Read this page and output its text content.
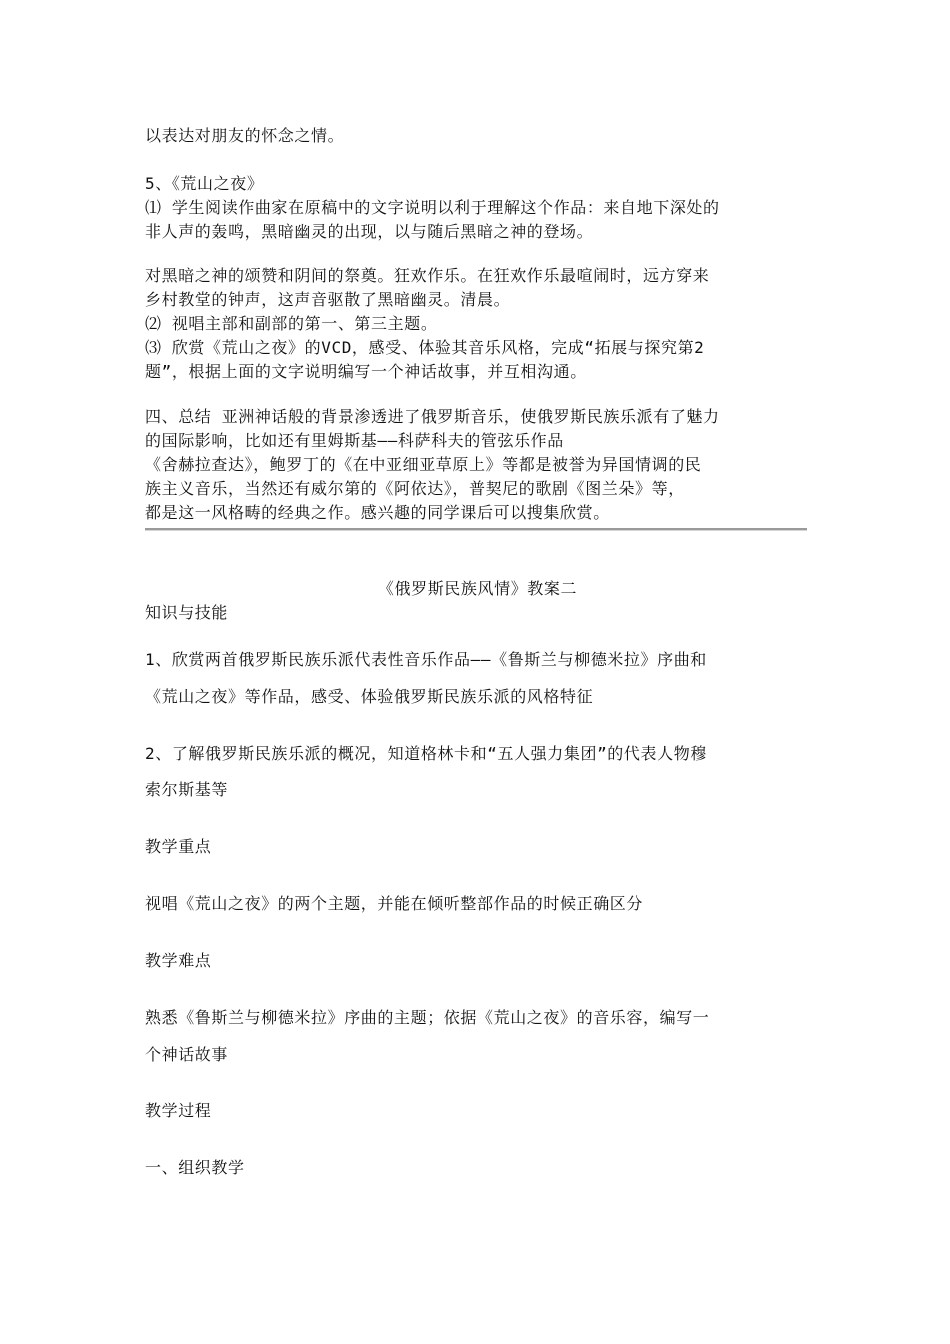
以表达对朋友的怀念之情。
5、《荒山之夜》
⑴ 学生阅读作曲家在原稿中的文字说明以利于理解这个作品：来自地下深处的
非人声的轰鸣，黑暗幽灵的出现，以与随后黑暗之神的登场。
对黑暗之神的颂赞和阴间的祭奠。狂欢作乐。在狂欢作乐最喧闹时，远方穿来
乡村教堂的钟声，这声音驱散了黑暗幽灵。清晨。
⑵ 视唱主部和副部的第一、第三主题。
⑶ 欣赏《荒山之夜》的VCD，感受、体验其音乐风格，完成“拓展与探究第2
题”，根据上面的文字说明编写一个神话故事，并互相沟通。
四、总结 亚洲神话般的背景渗透进了俄罗斯音乐，使俄罗斯民族乐派有了魅力
的国际影响，比如还有里姆斯基——科萨科夫的管弦乐作品
《舍赫拉查达》，鲍罗丁的《在中亚细亚草原上》等都是被誉为异国情调的民
族主义音乐，当然还有威尔第的《阿依达》，普契尼的歌剧《图兰朵》等，
都是这一风格畴的经典之作。感兴趣的同学课后可以搜集欣赏。
《俄罗斯民族风情》教案二
知识与技能
1、欣赏两首俄罗斯民族乐派代表性音乐作品——《鲁斯兰与柳德米拉》序曲和
《荒山之夜》等作品，感受、体验俄罗斯民族乐派的风格特征
2、了解俄罗斯民族乐派的概况，知道格林卡和“五人强力集团”的代表人物穆
索尔斯基等
教学重点
视唱《荒山之夜》的两个主题，并能在倾听整部作品的时候正确区分
教学难点
熟悉《鲁斯兰与柳德米拉》序曲的主题；依据《荒山之夜》的音乐容，编写一
个神话故事
教学过程
一、组织教学
